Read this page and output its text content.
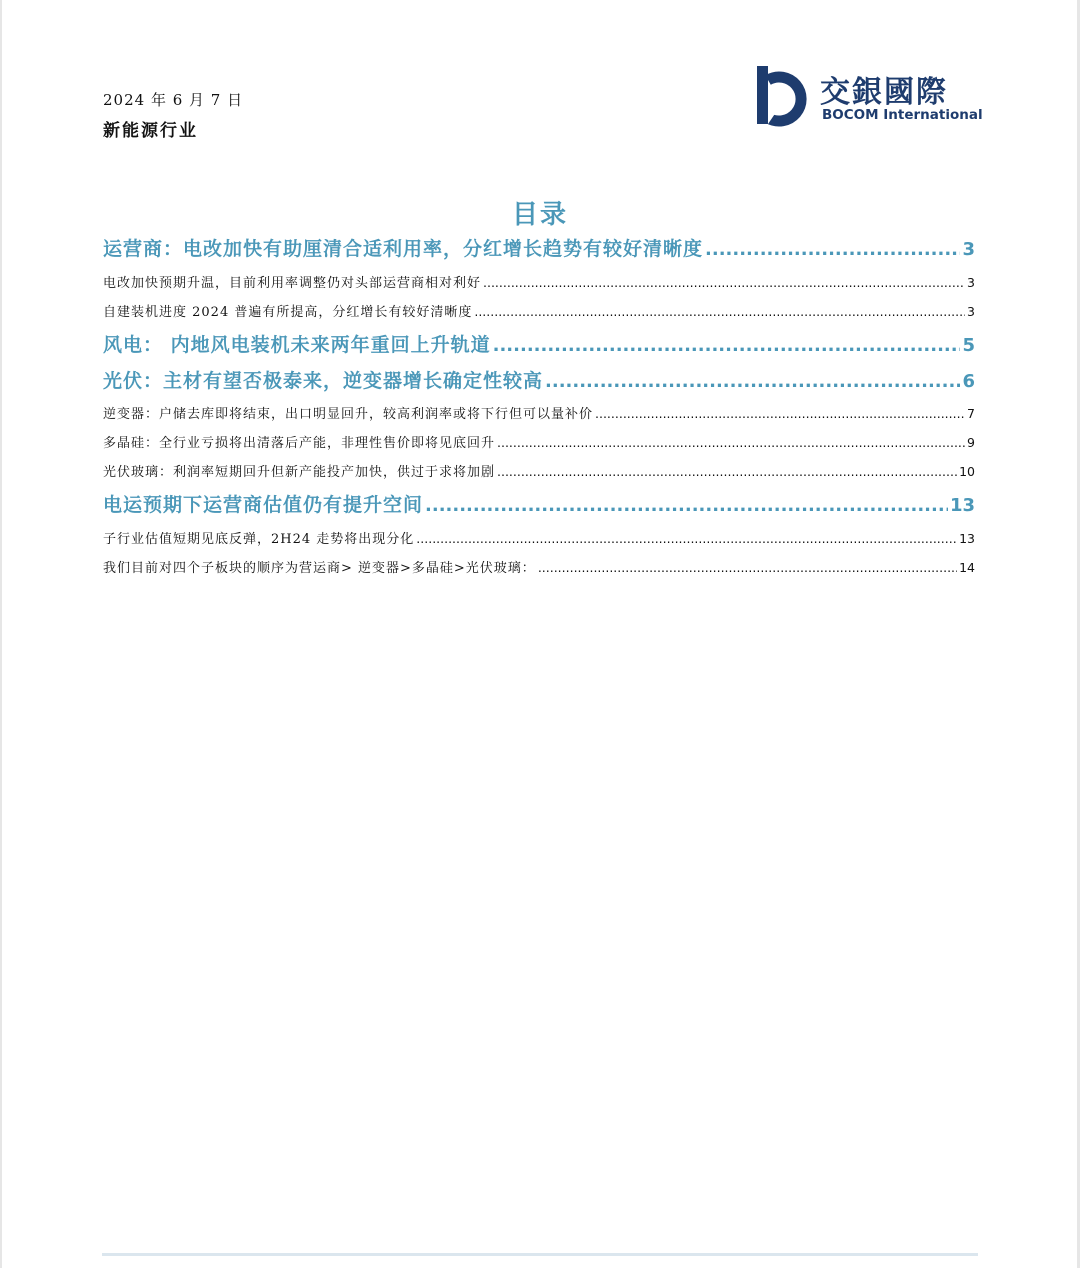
2024 年 6 月 7 日
新能源行业
交銀國際
BOCOM International
目录
运营商：电改加快有助厘清合适利用率，分红增长趋势有较好清晰度 .....	3
电改加快预期升温，目前利用率调整仍对头部运营商相对利好 .....	3
自建装机进度 2024 普遍有所提高，分红增长有较好清晰度 .....	3
风电： 内地风电装机未来两年重回上升轨道 .....	5
光伏：主材有望否极泰来，逆变器增长确定性较高 .....	6
逆变器：户储去库即将结束，出口明显回升，较高利润率或将下行但可以量补价 .....	7
多晶硅：全行业亏损将出清落后产能，非理性售价即将见底回升 .....	9
光伏玻璃：利润率短期回升但新产能投产加快，供过于求将加剧 .....	10
电运预期下运营商估值仍有提升空间 .....	13
子行业估值短期见底反弹，2H24 走势将出现分化 .....	13
我们目前对四个子板块的顺序为营运商> 逆变器>多晶硅>光伏玻璃： .....	14
